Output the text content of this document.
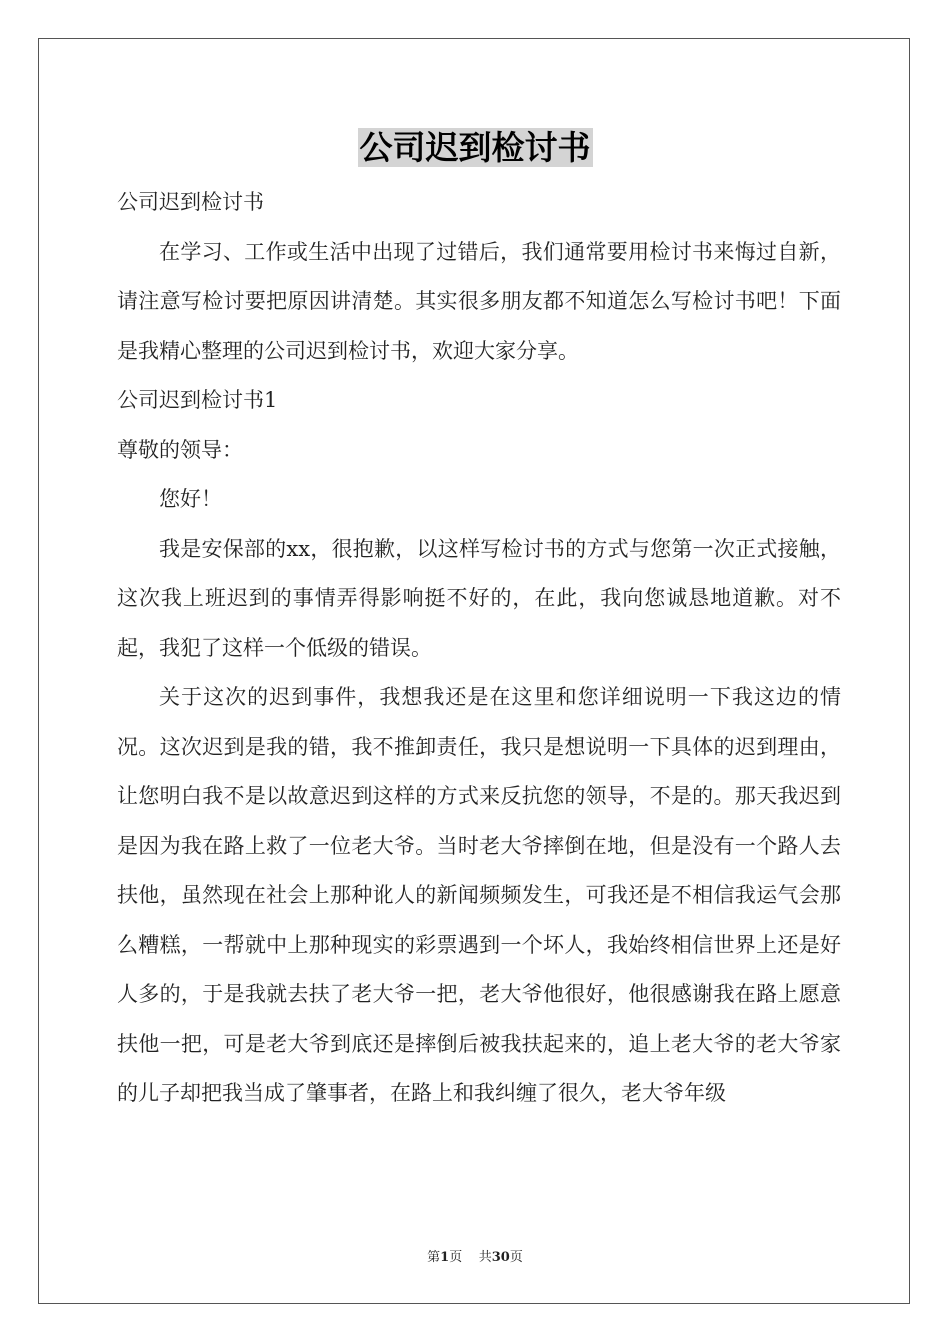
公司迟到检讨书

公司迟到检讨书

在学习、工作或生活中出现了过错后，我们通常要用检讨书来悔过自新，请注意写检讨要把原因讲清楚。其实很多朋友都不知道怎么写检讨书吧！下面是我精心整理的公司迟到检讨书，欢迎大家分享。

公司迟到检讨书1

尊敬的领导：

您好！

我是安保部的xx，很抱歉，以这样写检讨书的方式与您第一次正式接触，这次我上班迟到的事情弄得影响挺不好的，在此，我向您诚恳地道歉。对不起，我犯了这样一个低级的错误。

关于这次的迟到事件，我想我还是在这里和您详细说明一下我这边的情况。这次迟到是我的错，我不推卸责任，我只是想说明一下具体的迟到理由，让您明白我不是以故意迟到这样的方式来反抗您的领导，不是的。那天我迟到是因为我在路上救了一位老大爷。当时老大爷摔倒在地，但是没有一个路人去扶他，虽然现在社会上那种讹人的新闻频频发生，可我还是不相信我运气会那么糟糕，一帮就中上那种现实的彩票遇到一个坏人，我始终相信世界上还是好人多的，于是我就去扶了老大爷一把，老大爷他很好，他很感谢我在路上愿意扶他一把，可是老大爷到底还是摔倒后被我扶起来的，追上老大爷的老大爷家的儿子却把我当成了肇事者，在路上和我纠缠了很久，老大爷年级

第1页 共30页
